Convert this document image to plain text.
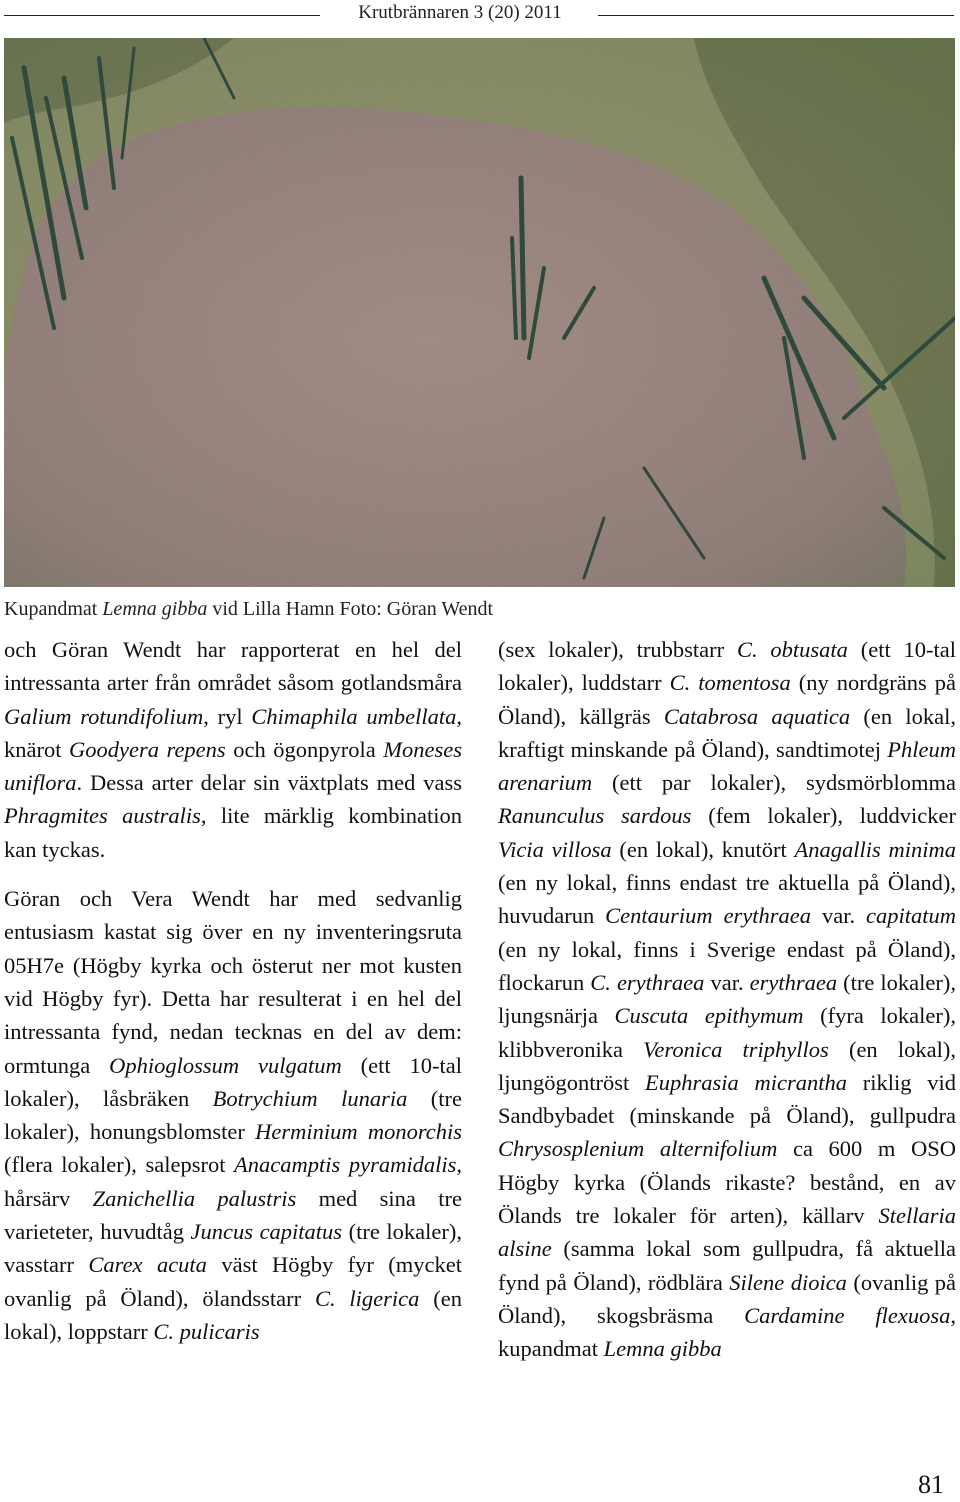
Krutbrännaren 3 (20) 2011
Kupandmat Lemna gibba vid Lilla Hamn Foto: Göran Wendt

och Göran Wendt har rapporterat en hel del intressanta arter från området såsom gotlandsmåra Galium rotundifolium, ryl Chimaphila umbellata, knärot Goodyera repens och ögonpyrola Moneses uniflora. Dessa arter delar sin växtplats med vass Phragmites australis, lite märklig kombination kan tyckas.

Göran och Vera Wendt har med sedvanlig entusiasm kastat sig över en ny inventeringsruta 05H7e (Högby kyrka och österut ner mot kusten vid Högby fyr). Detta har resulterat i en hel del intressanta fynd, nedan tecknas en del av dem: ormtunga Ophioglossum vulgatum (ett 10-tal lokaler), låsbräken Botrychium lunaria (tre lokaler), honungsblomster Herminium monorchis (flera lokaler), salepsrot Anacamptis pyramidalis, hårsärv Zanichellia palustris med sina tre varieteter, huvudtåg Juncus capitatus (tre lokaler), vasstarr Carex acuta väst Högby fyr (mycket ovanlig på Öland), ölandsstarr C. ligerica (en lokal), loppstarr C. pulicaris

(sex lokaler), trubbstarr C. obtusata (ett 10-tal lokaler), luddstarr C. tomentosa (ny nordgräns på Öland), källgräs Catabrosa aquatica (en lokal, kraftigt minskande på Öland), sandtimotej Phleum arenarium (ett par lokaler), sydsmörblomma Ranunculus sardous (fem lokaler), luddvicker Vicia villosa (en lokal), knutört Anagallis minima (en ny lokal, finns endast tre aktuella på Öland), huvudarun Centaurium erythraea var. capitatum (en ny lokal, finns i Sverige endast på Öland), flockarun C. erythraea var. erythraea (tre lokaler), ljungsnärja Cuscuta epithymum (fyra lokaler), klibbveronika Veronica triphyllos (en lokal), ljungögontröst Euphrasia micrantha riklig vid Sandbybadet (minskande på Öland), gullpudra Chrysosplenium alternifolium ca 600 m OSO Högby kyrka (Ölands rikaste? bestånd, en av Ölands tre lokaler för arten), källarv Stellaria alsine (samma lokal som gullpudra, få aktuella fynd på Öland), rödblära Silene dioica (ovanlig på Öland), skogsbräsma Cardamine flexuosa, kupandmat Lemna gibba

81
